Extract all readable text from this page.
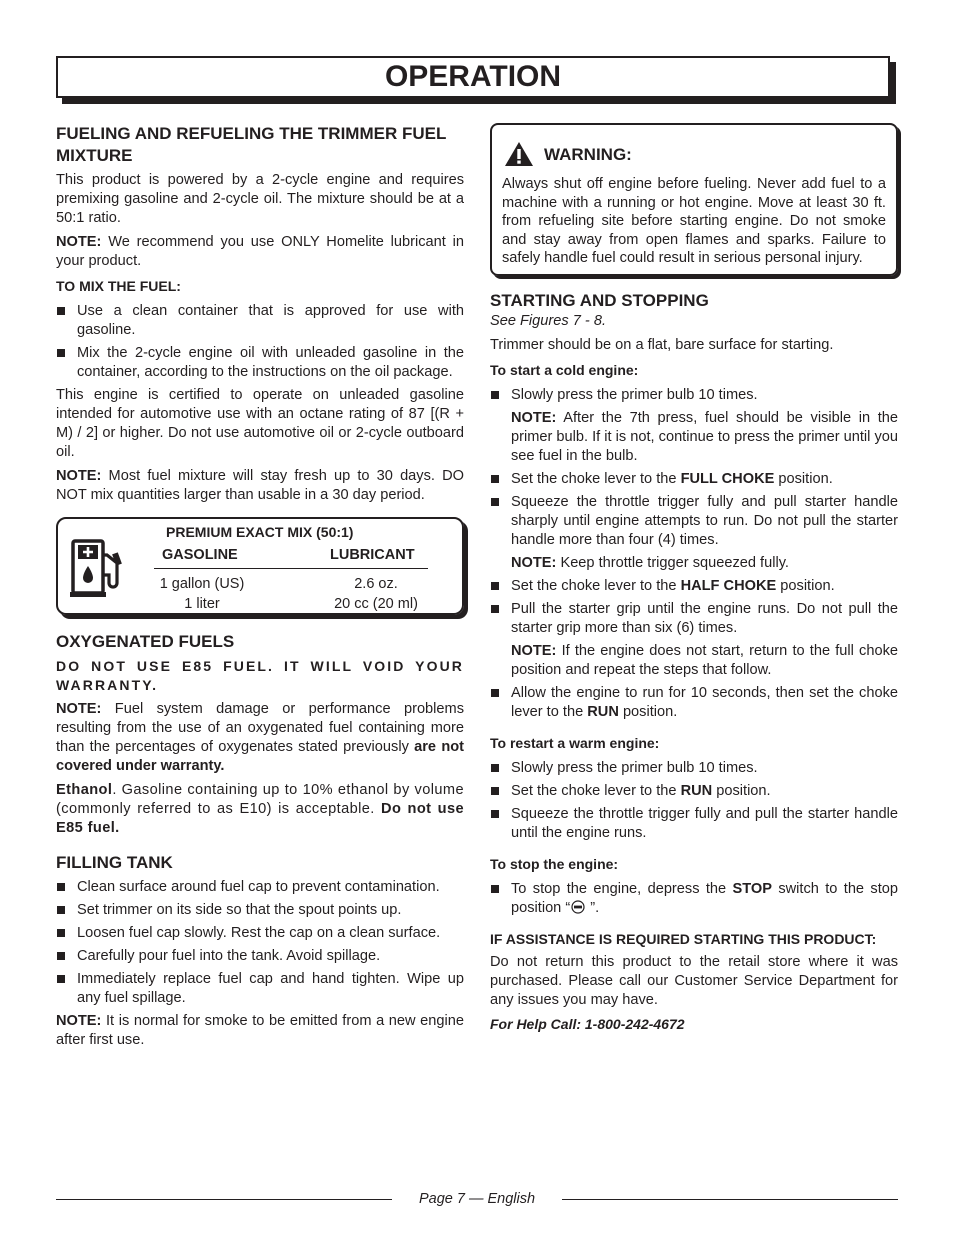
OPERATION
FUELING AND REFUELING THE TRIMMER FUEL MIXTURE

This product is powered by a 2-cycle engine and requires premixing gasoline and 2-cycle oil. The mixture should be at a 50:1 ratio.

NOTE: We recommend you use ONLY Homelite lubricant in your product.

TO MIX THE FUEL:
Use a clean container that is approved for use with gasoline.
Mix the 2-cycle engine oil with unleaded gasoline in the container, according to the instructions on the oil package.

This engine is certified to operate on unleaded gasoline intended for automotive use with an octane rating of 87 [(R + M) / 2] or higher. Do not use automotive oil or 2-cycle outboard oil.

NOTE: Most fuel mixture will stay fresh up to 30 days. DO NOT mix quantities larger than usable in a 30 day period.

PREMIUM EXACT MIX (50:1)
GASOLINE	LUBRICANT
1 gallon (US)	2.6 oz.
1 liter	20 cc (20 ml)
OXYGENATED FUELS

DO NOT USE E85 FUEL. IT WILL VOID YOUR WARRANTY.

NOTE: Fuel system damage or performance problems resulting from the use of an oxygenated fuel containing more than the percentages of oxygenates stated previously are not covered under warranty.

Ethanol. Gasoline containing up to 10% ethanol by volume (commonly referred to as E10) is acceptable. Do not use E85 fuel.

FILLING TANK
Clean surface around fuel cap to prevent contamination.
Set trimmer on its side so that the spout points up.
Loosen fuel cap slowly. Rest the cap on a clean surface.
Carefully pour fuel into the tank. Avoid spillage.
Immediately replace fuel cap and hand tighten. Wipe up any fuel spillage.

NOTE: It is normal for smoke to be emitted from a new engine after first use.

WARNING:

Always shut off engine before fueling. Never add fuel to a machine with a running or hot engine. Move at least 30 ft. from refueling site before starting engine. Do not smoke and stay away from open flames and sparks. Failure to safely handle fuel could result in serious personal injury.

STARTING AND STOPPING

See Figures 7 - 8.

Trimmer should be on a flat, bare surface for starting.

To start a cold engine:
Slowly press the primer bulb 10 times.
NOTE: After the 7th press, fuel should be visible in the primer bulb. If it is not, continue to press the primer until you see fuel in the bulb.
Set the choke lever to the FULL CHOKE position.
Squeeze the throttle trigger fully and pull starter handle sharply until engine attempts to run. Do not pull the starter handle more than four (4) times.
NOTE: Keep throttle trigger squeezed fully.
Set the choke lever to the HALF CHOKE position.
Pull the starter grip until the engine runs. Do not pull the starter grip more than six (6) times.
NOTE: If the engine does not start, return to the full choke position and repeat the steps that follow.
Allow the engine to run for 10 seconds, then set the choke lever to the RUN position.
To restart a warm engine:
Slowly press the primer bulb 10 times.
Set the choke lever to the RUN position.
Squeeze the throttle trigger fully and pull the starter handle until the engine runs.
To stop the engine:
To stop the engine, depress the STOP switch to the stop position “ ”.
IF ASSISTANCE IS REQUIRED STARTING THIS PRODUCT:

Do not return this product to the retail store where it was purchased. Please call our Customer Service Department for any issues you may have.

For Help Call: 1-800-242-4672

Page 7 — English
